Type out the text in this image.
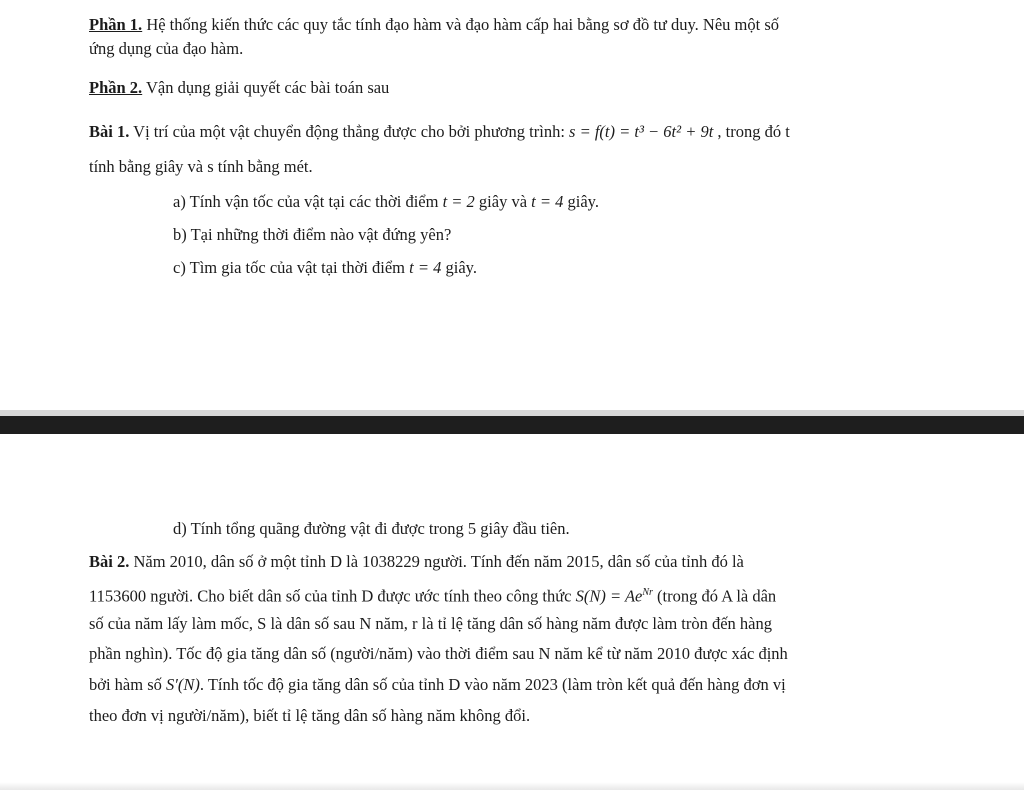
Phần 1. Hệ thống kiến thức các quy tắc tính đạo hàm và đạo hàm cấp hai bằng sơ đồ tư duy. Nêu một số
ứng dụng của đạo hàm.
Phần 2. Vận dụng giải quyết các bài toán sau
Bài 1. Vị trí của một vật chuyển động thẳng được cho bởi phương trình: s = f(t) = t³ − 6t² + 9t , trong đó t
tính bằng giây và s tính bằng mét.
a) Tính vận tốc của vật tại các thời điểm t = 2 giây và t = 4 giây.
b) Tại những thời điểm nào vật đứng yên?
c) Tìm gia tốc của vật tại thời điểm t = 4 giây.
d) Tính tổng quãng đường vật đi được trong 5 giây đầu tiên.
Bài 2. Năm 2010, dân số ở một tỉnh D là 1038229 người. Tính đến năm 2015, dân số của tỉnh đó là
1153600 người. Cho biết dân số của tỉnh D được ước tính theo công thức $S(N) = Ae^{Nr}$ (trong đó A là dân
số của năm lấy làm mốc, S là dân số sau N năm, r là tỉ lệ tăng dân số hàng năm được làm tròn đến hàng
phần nghìn). Tốc độ gia tăng dân số (người/năm) vào thời điểm sau N năm kể từ năm 2010 được xác định
bởi hàm số S′(N). Tính tốc độ gia tăng dân số của tỉnh D vào năm 2023 (làm tròn kết quả đến hàng đơn vị
theo đơn vị người/năm), biết tỉ lệ tăng dân số hàng năm không đổi.
